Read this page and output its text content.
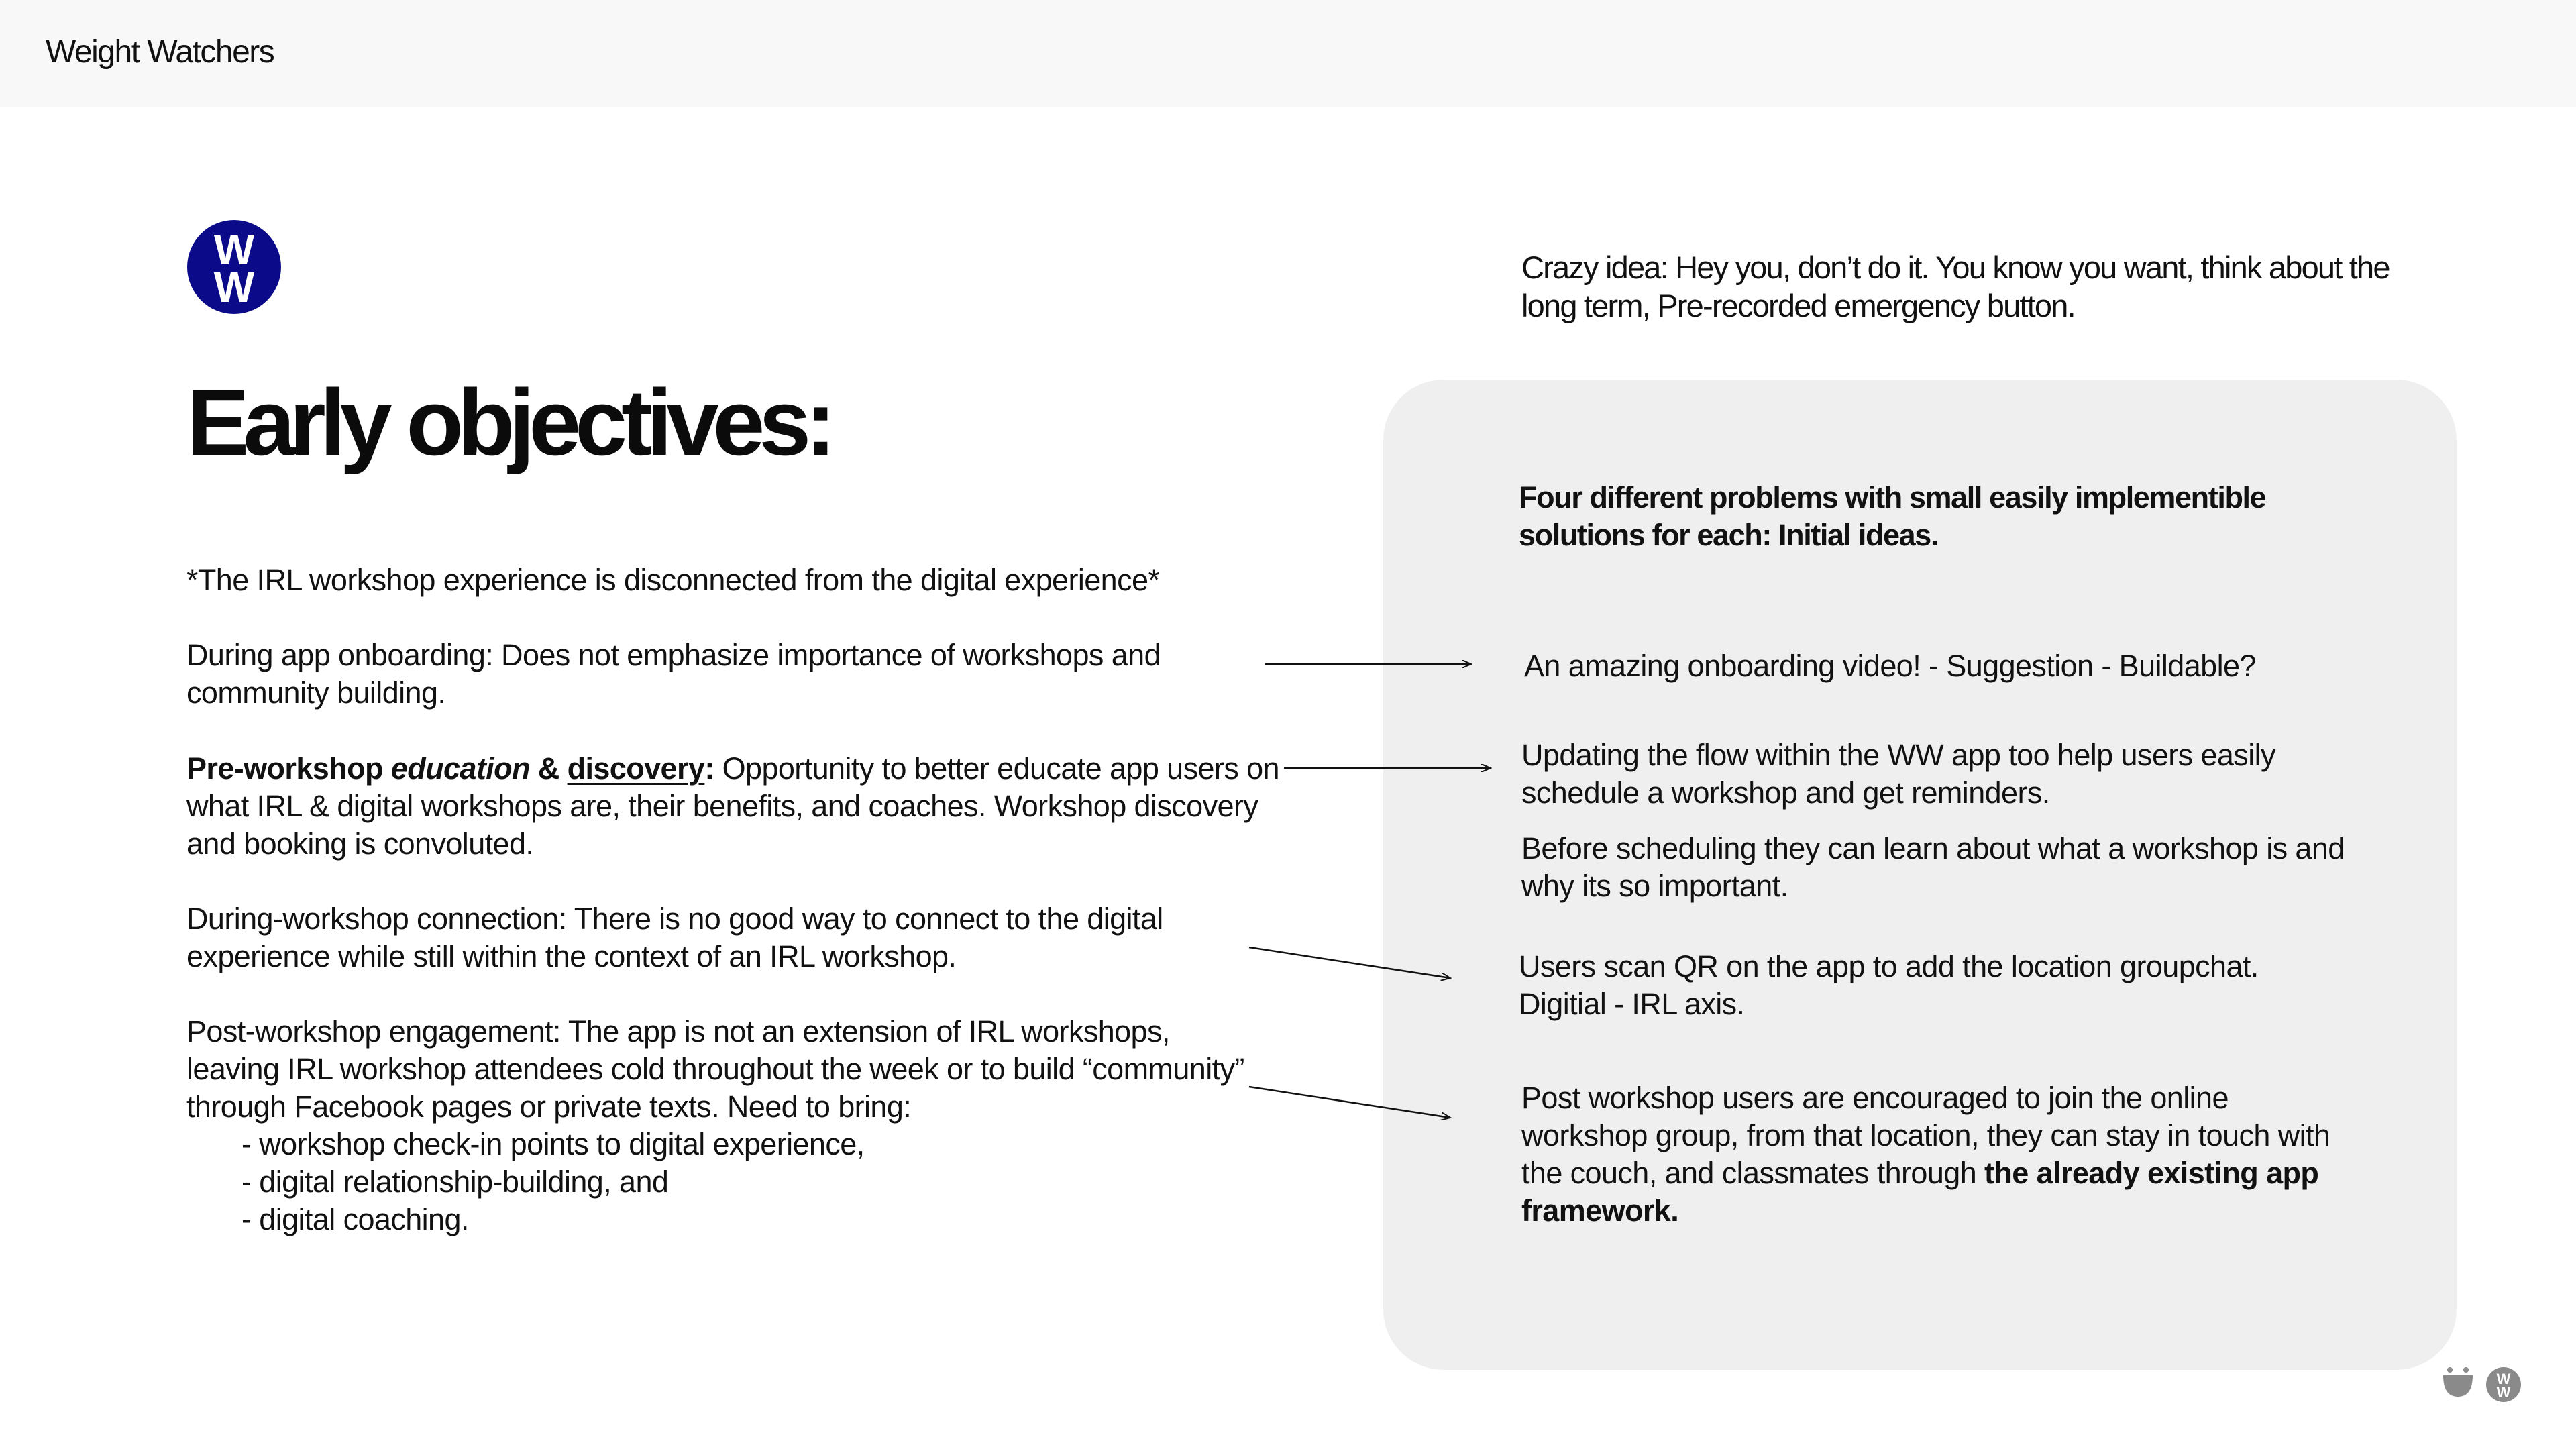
Weight Watchers
W
W
Early objectives:
Crazy idea: Hey you, don’t do it. You know you want, think about the long term, Pre-recorded emergency button.
*The IRL workshop experience is disconnected from the digital experience*
During app onboarding: Does not emphasize importance of workshops and community building.
Pre-workshop education & discovery: Opportunity to better educate app users on what IRL & digital workshops are, their benefits, and coaches. Workshop discovery and booking is convoluted.
During-workshop connection: There is no good way to connect to the digital experience while still within the context of an IRL workshop.

Post-workshop engagement: The app is not an extension of IRL workshops, leaving IRL workshop attendees cold throughout the week or to build “community” through Facebook pages or private texts. Need to bring:

- workshop check-in points to digital experience,

- digital relationship-building, and

- digital coaching.

Four different problems with small easily implementible solutions for each: Initial ideas.
An amazing onboarding video! - Suggestion - Buildable?
Updating the flow within the WW app too help users easily schedule a workshop and get reminders.
Before scheduling they can learn about what a workshop is and why its so important.
Users scan QR on the app to add the location groupchat. Digitial - IRL axis.
Post workshop users are encouraged to join the online workshop group, from that location, they can stay in touch with the couch, and classmates through the already existing app framework.
W
W
